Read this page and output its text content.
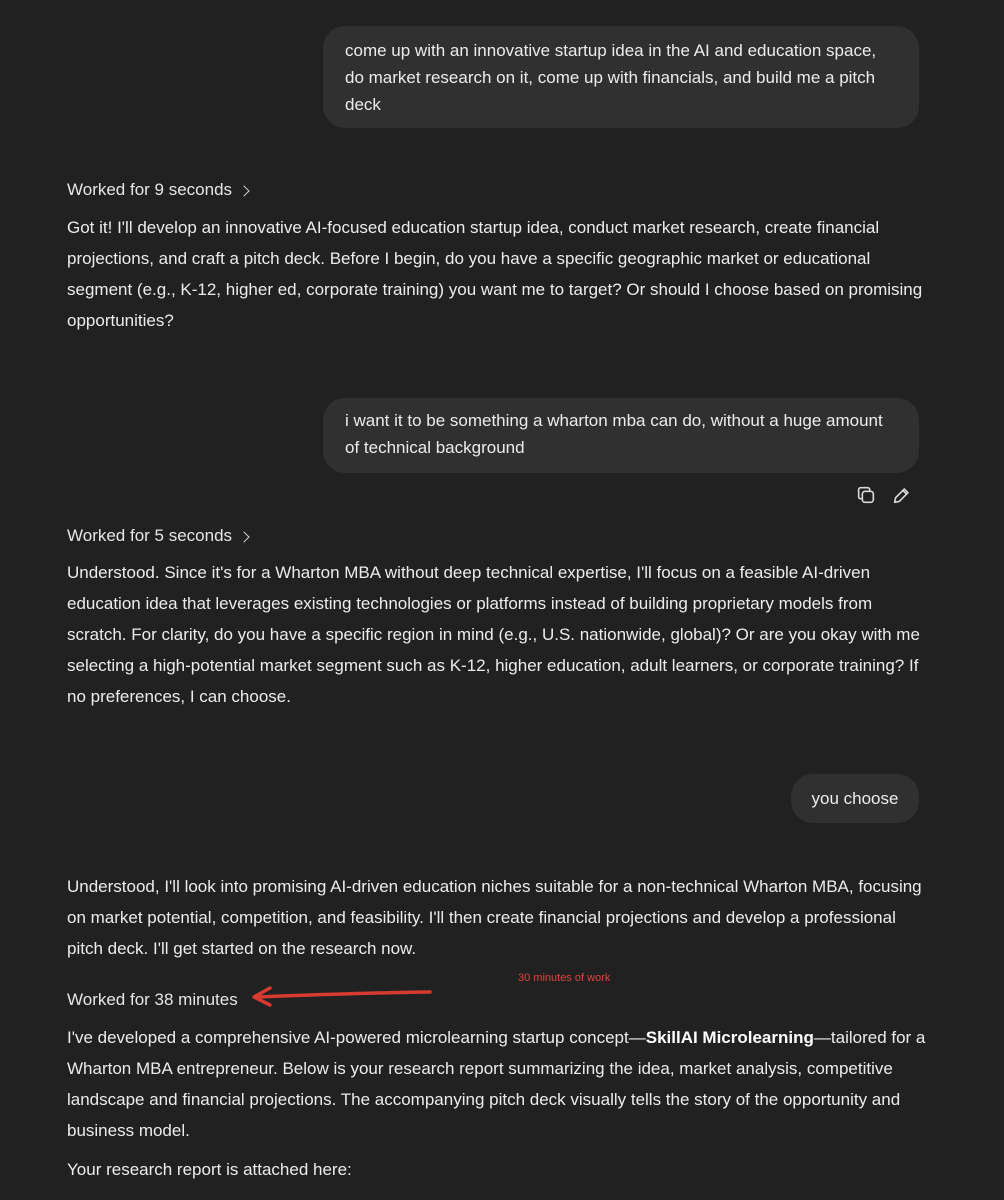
come up with an innovative startup idea in the AI and education space, do market research on it, come up with financials, and build me a pitch deck
Worked for 9 seconds

Got it! I'll develop an innovative AI-focused education startup idea, conduct market research, create financial projections, and craft a pitch deck. Before I begin, do you have a specific geographic market or educational segment (e.g., K-12, higher ed, corporate training) you want me to target? Or should I choose based on promising opportunities?

i want it to be something a wharton mba can do, without a huge amount of technical background
Worked for 5 seconds

Understood. Since it's for a Wharton MBA without deep technical expertise, I'll focus on a feasible AI-driven education idea that leverages existing technologies or platforms instead of building proprietary models from scratch. For clarity, do you have a specific region in mind (e.g., U.S. nationwide, global)? Or are you okay with me selecting a high-potential market segment such as K-12, higher education, adult learners, or corporate training? If no preferences, I can choose.

you choose

Understood, I'll look into promising AI-driven education niches suitable for a non-technical Wharton MBA, focusing on market potential, competition, and feasibility. I'll then create financial projections and develop a professional pitch deck. I'll get started on the research now.

30 minutes of work
Worked for 38 minutes

I've developed a comprehensive AI-powered microlearning startup concept—SkillAI Microlearning—tailored for a Wharton MBA entrepreneur. Below is your research report summarizing the idea, market analysis, competitive landscape and financial projections. The accompanying pitch deck visually tells the story of the opportunity and business model.

Your research report is attached here:
